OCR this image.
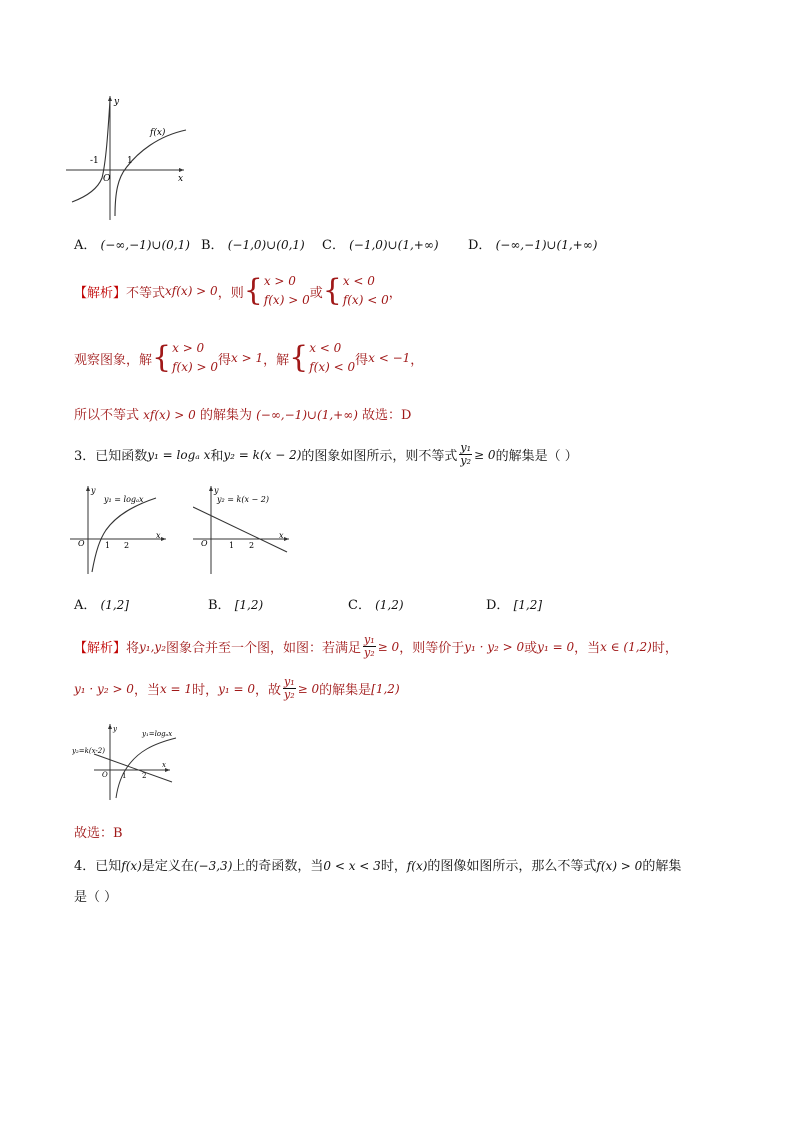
y
x
f(x)
-1	1
O
A． (−∞,−1)∪(0,1) B． (−1,0)∪(0,1) C． (−1,0)∪(1,+∞) D． (−∞,−1)∪(1,+∞)
【解析】 不等式 xf(x) > 0 ，则 { x > 0
f(x) > 0 或 { x < 0
f(x) < 0 ，
观察图象，解 { x > 0
f(x) > 0 得 x > 1 ，解 { x < 0
f(x) < 0 得 x < −1 ，
所以不等式 xf(x) > 0 的解集为 (−∞,−1)∪(1,+∞) 故选：D
3．已知函数 y₁ = logₐ x 和 y₂ = k(x − 2) 的图象如图所示，则不等式 $\frac{\text{y₁}}{\text{y₂}} \ge 0$ 的解集是（ ）
y₁ = logₐx
y
x
O	1 2
y₂ = k(x − 2)
y
x
O	1 2
A． (1,2]	B． [1,2)	C． (1,2)	D． [1,2]
【解析】 将 y₁,y₂ 图象合并至一个图，如图：若满足 $\frac{\text{y₁}}{\text{y₂}} \ge 0$ ，则等价于 y₁ · y₂ > 0 或 y₁ = 0 ，当 x ∈ (1,2) 时，
y₁ · y₂ > 0 ，当 x = 1 时， y₁ = 0 ，故 $\frac{\text{y₁}}{\text{y₂}} \ge 0$ 的解集是 [1,2)
y₂=k(x-2)
y₁=logₐx
y
x
O 1 2
故选：B
4．已知f(x)是定义在(−3,3)上的奇函数，当0 < x < 3时，f(x)的图像如图所示，那么不等式f(x) > 0的解集
是（ ）
